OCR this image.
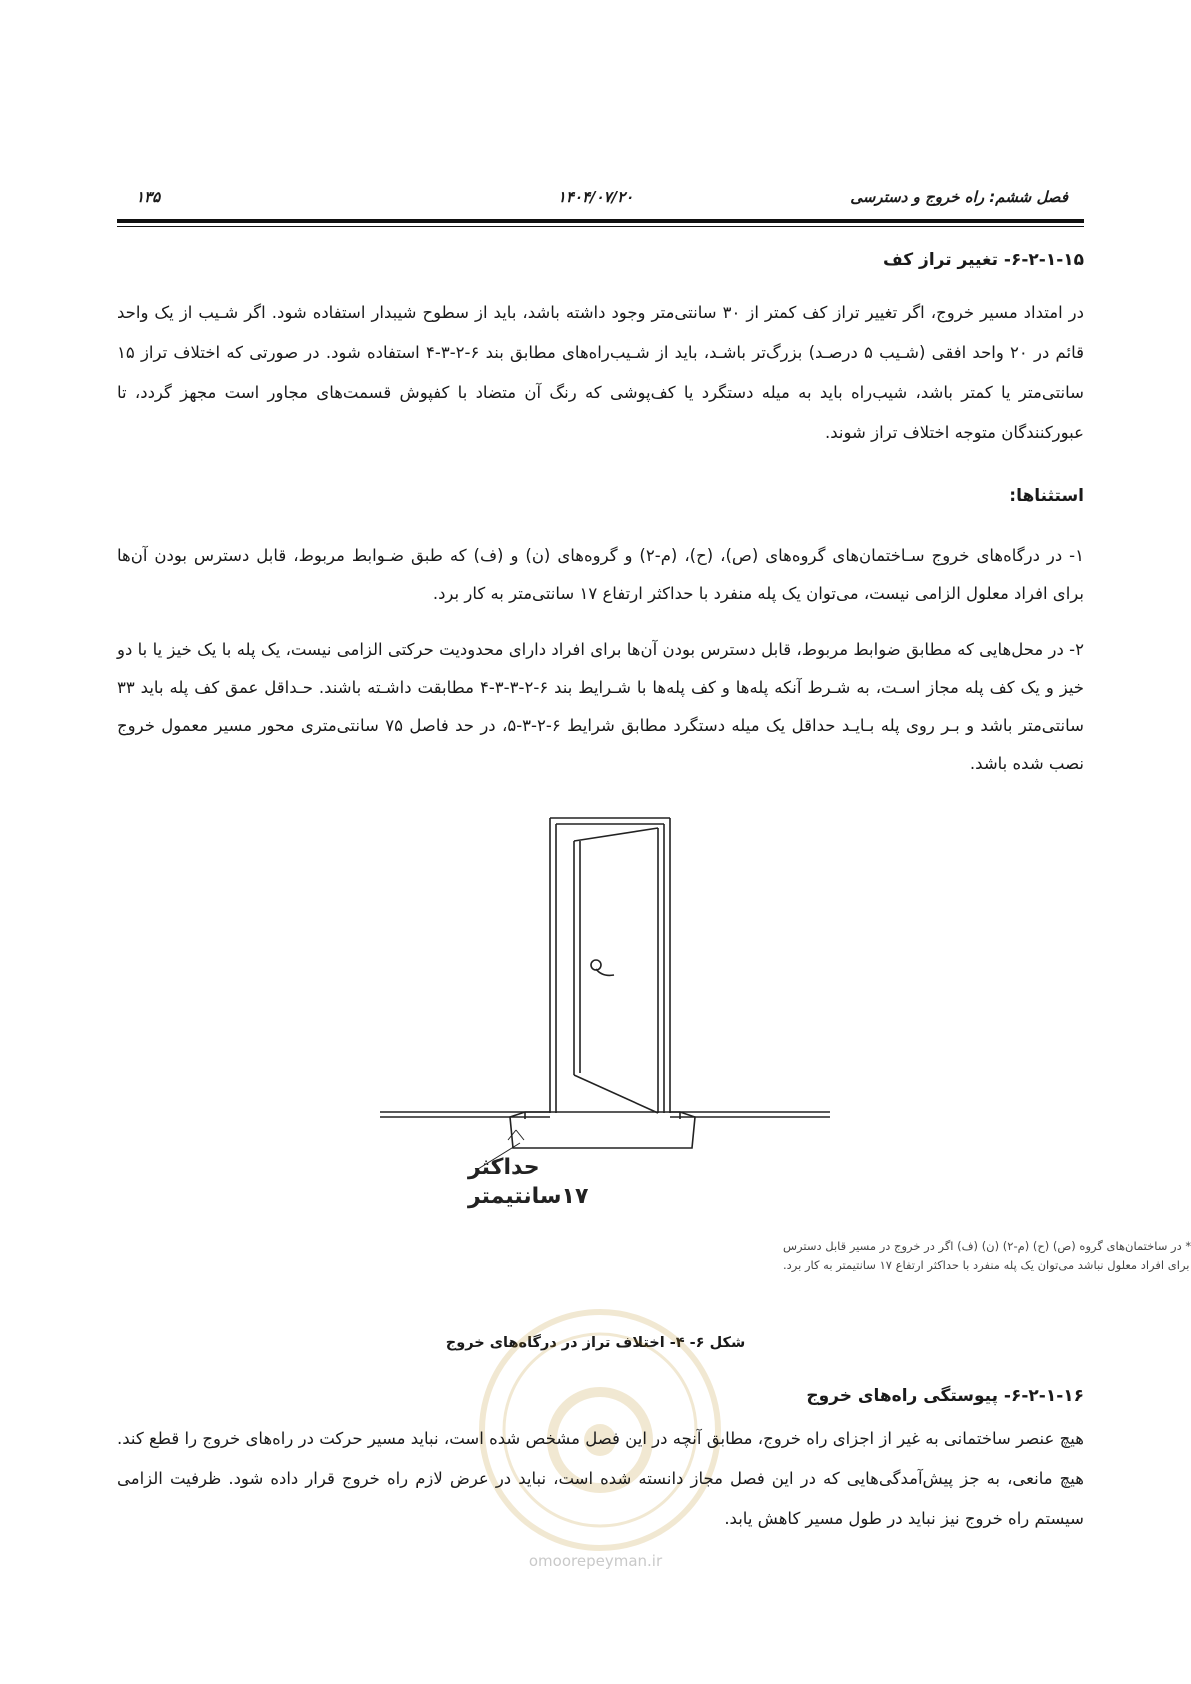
۱۳۵	۱۴۰۴/۰۷/۲۰	فصل ششم: راه خروج و دسترسی
۶-۲-۱-۱۵- تغییر تراز کف
در امتداد مسیر خروج، اگر تغییر تراز کف کمتر از ۳۰ سانتی‌متر وجود داشته باشد، باید از سطوح شیبدار استفاده شود. اگر شـیب از یک واحد قائم در ۲۰ واحد افقی (شـیب ۵ درصـد) بزرگ‌تر باشـد، باید از شـیب‌راه‌های مطابق بند ۶-۲-۳-۴ استفاده شود. در صورتی که اختلاف تراز ۱۵ سانتی‌متر یا کمتر باشد، شیب‌راه باید به میله دستگرد یا کف‌پوشی که رنگ آن متضاد با کفپوش قسمت‌های مجاور است مجهز گردد، تا عبورکنندگان متوجه اختلاف تراز شوند.
استثناها:
۱- در درگاه‌های خروج سـاختمان‌های گروه‌های (ص)، (ح)، (م-۲) و گروه‌های (ن) و (ف) که طبق ضـوابط مربوط، قابل دسترس بودن آن‌ها برای افراد معلول الزامی نیست، می‌توان یک پله منفرد با حداکثر ارتفاع ۱۷ سانتی‌متر به کار برد.
۲- در محل‌هایی که مطابق ضوابط مربوط، قابل دسترس بودن آن‌ها برای افراد دارای محدودیت حرکتی الزامی نیست، یک پله با یک خیز یا با دو خیز و یک کف پله مجاز اسـت، به شـرط آنکه پله‌ها و کف پله‌ها با شـرایط بند ۶-۲-۳-۳-۴ مطابقت داشـته باشند. حـداقل عمق کف پله باید ۳۳ سانتی‌متر باشد و بـر روی پله بـایـد حداقل یک میله دستگرد مطابق شرایط ۶-۲-۳-۵، در حد فاصل ۷۵ سانتی‌متری محور مسیر معمول خروج نصب شده باشد.
حداکثر
۱۷سانتیمتر
* در ساختمان‌های گروه (ص) (ح) (م-۲) (ن) (ف) اگر در خروج در مسیر قابل دسترس
برای افراد معلول نباشد می‌توان یک پله منفرد با حداکثر ارتفاع ۱۷ سانتیمتر به کار برد.
شکل ۶- ۴- اختلاف تراز در درگاه‌های خروج
۶-۲-۱-۱۶- پیوستگی راه‌های خروج
هیچ عنصر ساختمانی به غیر از اجزای راه خروج، مطابق آنچه در این فصل مشخص شده است، نباید مسیر حرکت در راه‌های خروج را قطع کند. هیچ مانعی، به جز پیش‌آمدگی‌هایی که در این فصل مجاز دانسته شده است، نباید در عرض لازم راه خروج قرار داده شود. ظرفیت الزامی سیستم راه خروج نیز نباید در طول مسیر کاهش یابد.
omoorepeyman.ir
